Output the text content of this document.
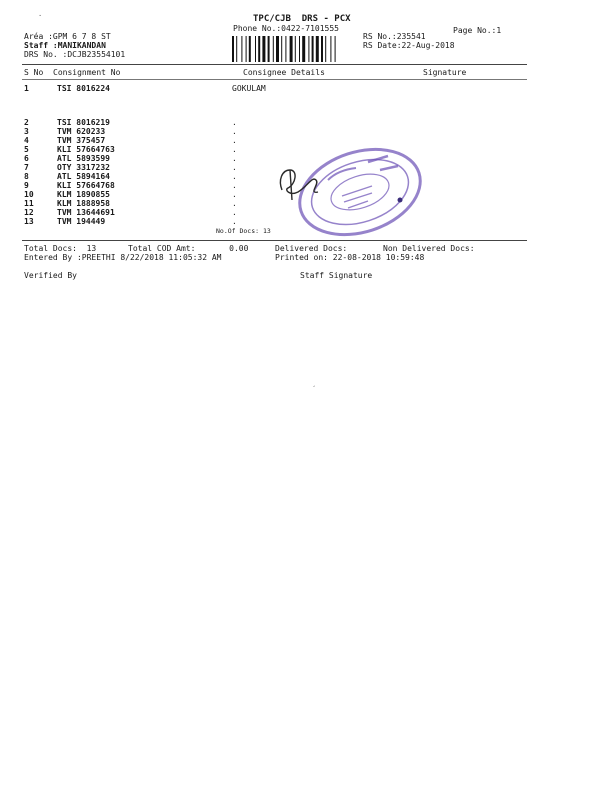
TPC/CJB  DRS - PCX
Phone No.:0422-7101555	Page No.:1
Aréa :GPM 6 7 8 ST
Staff :MANIKANDAN
DRS No. :DCJB23554101
RS No.:235541
RS Date:22-Aug-2018
S No Consignment No	Consignee Details	Signature
1	TSI 8016224	GOKULAM
2	TSI 8016219	.
3	TVM 620233	.
4	TVM 375457	.
5	KLI 57664763	.
6	ATL 5893599	.
7	OTY 3317232	.
8	ATL 5894164	.
9	KLI 57664768	.
10	KLM 1890855	.
11	KLM 1888958	.
12	TVM 13644691	.
13	TVM 194449	.
No.Of Docs: 13
Total Docs:  13	Total COD Amt:       0.00	Delivered Docs:	Non Delivered Docs:
Entered By :PREETHI 8/22/2018 11:05:32 AM	Printed on: 22-08-2018 10:59:48
Verified By	Staff Signature
ˏ
·
